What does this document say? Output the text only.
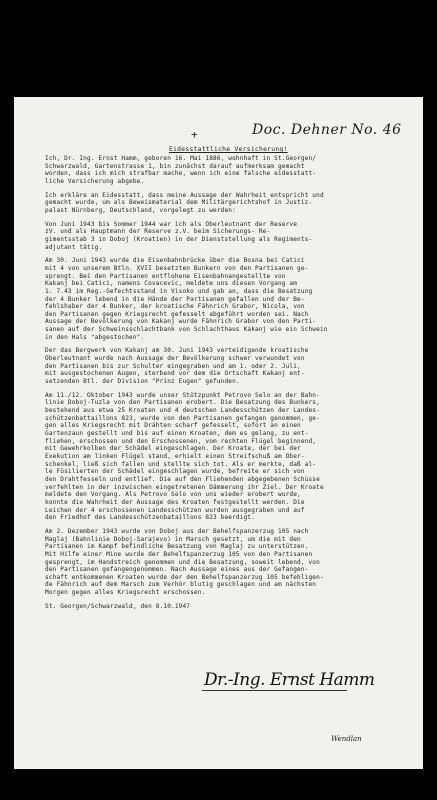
+	Doc. Dehner No. 46
Eidesstattliche Versicherung!

Ich, Dr. Ing. Ernst Hamm, geboren 16. Mai 1886, wohnhaft in St.Georgen/
Schwarzwald, Gartenstrasse 1, bin zunächst darauf aufmerksam gemacht
worden, dass ich mich strafbar mache, wenn ich eine falsche eidesstatt-
liche Versicherung abgebe.

Ich erkläre an Eidesstatt, dass meine Aussage der Wahrheit entspricht und
gemacht wurde, um als Beweismaterial dem Militärgerichtshof in Justiz-
palast Nürnberg, Deutschland, vorgelegt zu werden:

Von Juni 1943 bis Sommer 1944 war ich als Oberleutnant der Reserve
zV. und als Hauptmann der Reserve z.V. beim Sicherungs- Re-
gimentsstab 3 in Doboj (Kroatien) in der Dienststellung als Regiments-
adjutant tätig.

Am 30. Juni 1943 wurde die Eisenbahnbrücke über die Bosna bei Catici
mit 4 von unserem Btln. XVII besetzten Bunkern von den Partisanen ge-
sprengt. Bei den Partisanen entflohene Eisenbahnangestellte von
Kakanj bei Catici, namens Covacevic, meldete uns diesen Vorgang am
1. 7.43 im Reg.-Gefechtsstand in Visoko und gab an, dass die Besatzung
der 4 Bunker lebend in die Hände der Partisanen gefallen und der Be-
fehlshaber der 4 Bunker, der kroatische Fähnrich Grabor, Nicola, von
den Partisanen gegen Kriegsrecht gefesselt abgeführt worden sei. Nach
Aussage der Bevölkerung von Kakanj wurde Fähnrich Grabor von den Parti-
sanen auf der Schweinsschlachtbank von Schlachthaus Kakanj wie ein Schwein
in den Hals "abgestochen".

Der das Bergwerk von Kakanj am 30. Juni 1943 verteidigende kroatische
Oberleutnant wurde nach Aussage der Bevölkerung schwer verwundet von
den Partisanen bis zur Schulter eingegraben und am 1. oder 2. Juli,
mit ausgestochenen Augen, sterbend vor dem die Ortschaft Kakanj ent-
setzenden Btl. der Division "Prinz Eugen" gefunden.

Am 11./12. Oktober 1943 wurde unser Stützpunkt Petrovo Selo an der Bahn-
linie Doboj-Tuzla von den Partisanen erobert. Die Besatzung des Bunkers,
bestehend aus etwa 25 Kroaten und 4 deutschen Landesschützen der Landes-
schützenbattaillons 823, wurde von den Partisanen gefangen genommen, ge-
gen alles Kriegsrecht mit Drähten scharf gefesselt, sofort an einen
Gartenzaun gestellt und bis auf einen Kroaten, dem es gelang, zu ent-
fliehen, erschossen und den Erschossenen, vom rechten Flügel beginnend,
mit Gewehrkolben der Schädel eingeschlagen. Der Kroate, der bei der
Exekution am linken Flügel stand, erhielt einen Streifschuß am Ober-
schenkel, ließ sich fallen und stellte sich tot. Als er merkte, daß al-
le Füsilierten der Schädel eingeschlagen wurde, befreite er sich von
den Drahtfesseln und entlief. Die auf den Fliehenden abgegebenen Schüsse
verfehlten in der inzwischen eingetretenen Dämmerung ihr Ziel. Der Kroate
meldete den Vorgang. Als Petrovo Selo von uns wieder erobert wurde,
konnte die Wahrheit der Aussage des Kroaten festgestellt werden. Die
Leichen der 4 erschossenen Landesschützen wurden ausgegraben und auf
den Friedhof des Landesschützenbataillons 823 beerdigt.

Am 2. Dezember 1943 wurde von Doboj aus der Behelfspanzerzug 105 nach
Maglaj (Bahnlinie Doboj-Sarajevo) in Marsch gesetzt, um die mit den
Partisanen im Kampf befindliche Besatzung von Maglaj zu unterstützen.
Mit Hilfe einer Mine wurde der Behelfspanzerzug 105 von den Partisanen
gesprengt, im Handstreich genommen und die Besatzung, soweit lebend, von
den Partisanen gefangengenommen. Nach Aussage eines aus der Gefangen-
schaft entkommenen Kroaten wurde der den Behelfspanzerzug 105 befehligen-
de Fähnrich auf dem Marsch zum Verhör blutig geschlagen und am nächsten
Morgen gegen alles Kriegsrecht erschossen.

St. Georgen/Schwarzwald, den 8.10.1947

Dr.-Ing. Ernst Hamm
Wendlan
